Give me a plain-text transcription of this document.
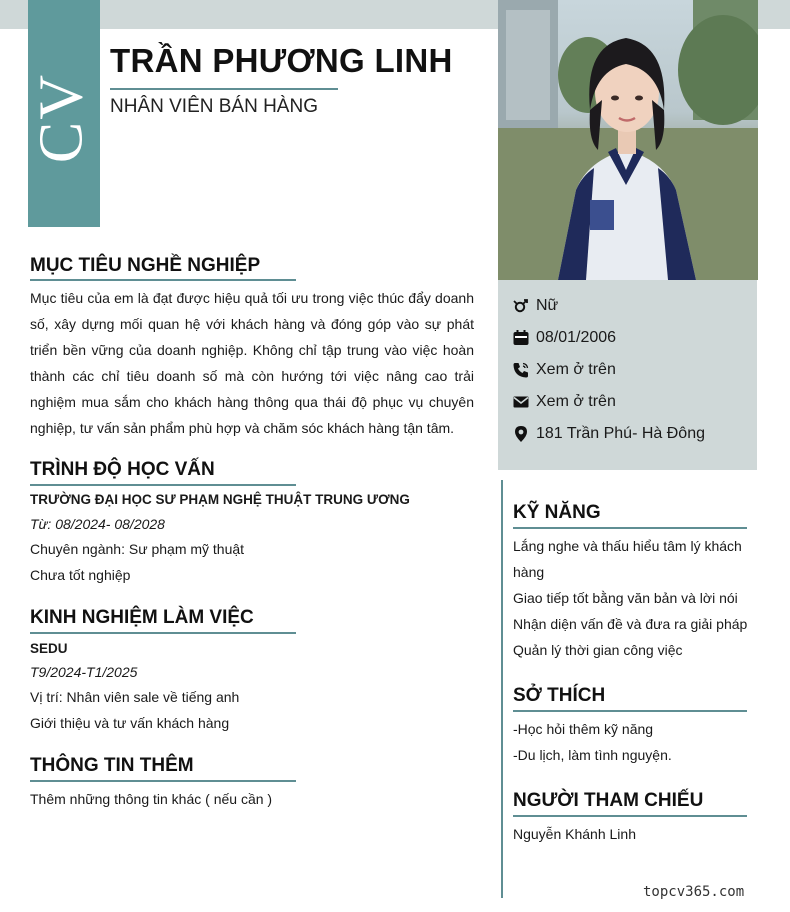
CV
TRẦN PHƯƠNG LINH
NHÂN VIÊN BÁN HÀNG
Nữ
08/01/2006
Xem ở trên
Xem ở trên
181 Trần Phú- Hà Đông
MỤC TIÊU NGHỀ NGHIỆP

Mục tiêu của em là đạt được hiệu quả tối ưu trong việc thúc đẩy doanh số, xây dựng mối quan hệ với khách hàng và đóng góp vào sự phát triển bền vững của doanh nghiệp. Không chỉ tập trung vào việc hoàn thành các chỉ tiêu doanh số mà còn hướng tới việc nâng cao trải nghiệm mua sắm cho khách hàng thông qua thái độ phục vụ chuyên nghiệp, tư vấn sản phẩm phù hợp và chăm sóc khách hàng tận tâm.

TRÌNH ĐỘ HỌC VẤN
TRƯỜNG ĐẠI HỌC SƯ PHẠM NGHỆ THUẬT TRUNG ƯƠNG
Từ: 08/2024- 08/2028
Chuyên ngành: Sư phạm mỹ thuật
Chưa tốt nghiệp
KINH NGHIỆM LÀM VIỆC
SEDU
T9/2024-T1/2025
Vị trí: Nhân viên sale về tiếng anh
Giới thiệu và tư vấn khách hàng
THÔNG TIN THÊM
Thêm những thông tin khác ( nếu cần )
KỸ NĂNG
Lắng nghe và thấu hiểu tâm lý khách
hàng
Giao tiếp tốt bằng văn bản và lời nói
Nhận diện vấn đề và đưa ra giải pháp
Quản lý thời gian công việc
SỞ THÍCH
-Học hỏi thêm kỹ năng
-Du lịch, làm tình nguyện.
NGƯỜI THAM CHIẾU
Nguyễn Khánh Linh
topcv365.com
